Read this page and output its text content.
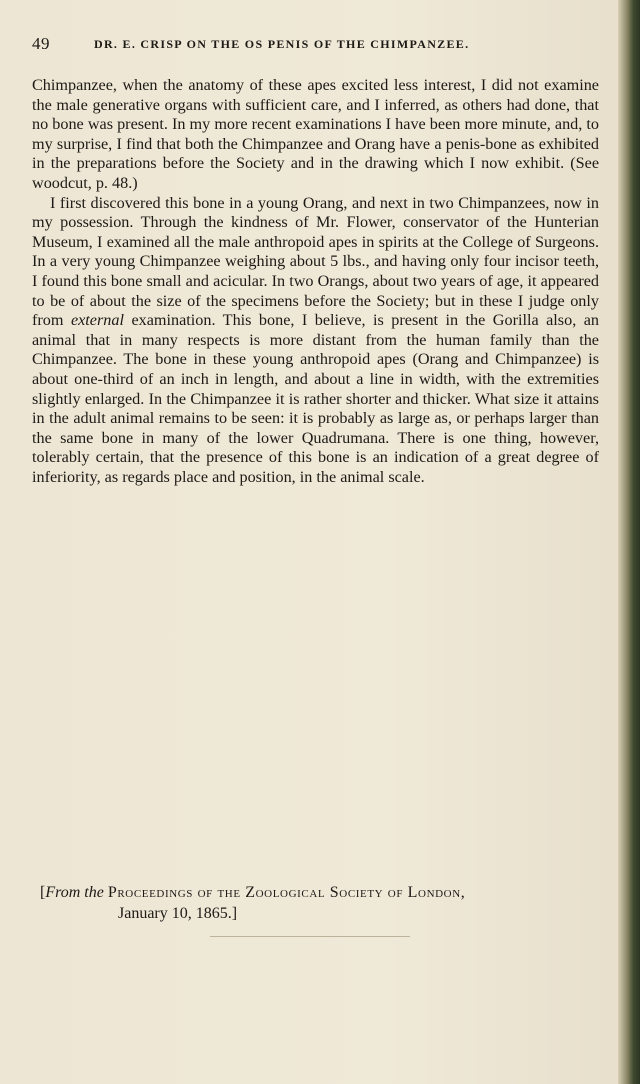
49	DR. E. CRISP ON THE OS PENIS OF THE CHIMPANZEE.

Chimpanzee, when the anatomy of these apes excited less interest, I did not examine the male generative organs with sufficient care, and I inferred, as others had done, that no bone was present. In my more recent examinations I have been more minute, and, to my surprise, I find that both the Chimpanzee and Orang have a penis-bone as exhibited in the preparations before the Society and in the drawing which I now exhibit. (See woodcut, p. 48.)

I first discovered this bone in a young Orang, and next in two Chimpanzees, now in my possession. Through the kindness of Mr. Flower, conservator of the Hunterian Museum, I examined all the male anthropoid apes in spirits at the College of Surgeons. In a very young Chimpanzee weighing about 5 lbs., and having only four incisor teeth, I found this bone small and acicular. In two Orangs, about two years of age, it appeared to be of about the size of the specimens before the Society; but in these I judge only from external examination. This bone, I believe, is present in the Gorilla also, an animal that in many respects is more distant from the human family than the Chimpanzee. The bone in these young anthropoid apes (Orang and Chimpanzee) is about one-third of an inch in length, and about a line in width, with the extremities slightly enlarged. In the Chimpanzee it is rather shorter and thicker. What size it attains in the adult animal remains to be seen: it is probably as large as, or perhaps larger than the same bone in many of the lower Quadrumana. There is one thing, however, tolerably certain, that the presence of this bone is an indication of a great degree of inferiority, as regards place and position, in the animal scale.

[From the Proceedings of the Zoological Society of London,
January 10, 1865.]
